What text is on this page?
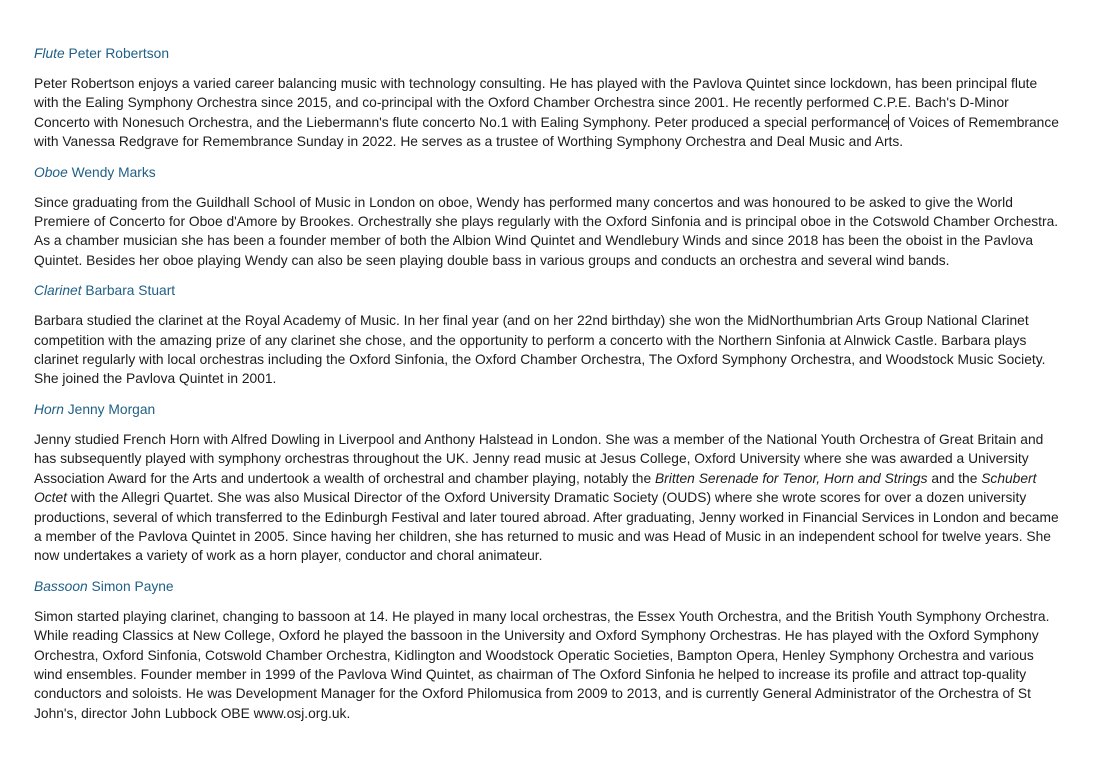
Flute Peter Robertson

Peter Robertson enjoys a varied career balancing music with technology consulting. He has played with the Pavlova Quintet since lockdown, has been principal flute with the Ealing Symphony Orchestra since 2015, and co-principal with the Oxford Chamber Orchestra since 2001. He recently performed C.P.E. Bach's D-Minor Concerto with Nonesuch Orchestra, and the Liebermann's flute concerto No.1 with Ealing Symphony. Peter produced a special performance of Voices of Remembrance with Vanessa Redgrave for Remembrance Sunday in 2022. He serves as a trustee of Worthing Symphony Orchestra and Deal Music and Arts.

Oboe Wendy Marks

Since graduating from the Guildhall School of Music in London on oboe, Wendy has performed many concertos and was honoured to be asked to give the World Premiere of Concerto for Oboe d'Amore by Brookes. Orchestrally she plays regularly with the Oxford Sinfonia and is principal oboe in the Cotswold Chamber Orchestra. As a chamber musician she has been a founder member of both the Albion Wind Quintet and Wendlebury Winds and since 2018 has been the oboist in the Pavlova Quintet. Besides her oboe playing Wendy can also be seen playing double bass in various groups and conducts an orchestra and several wind bands.

Clarinet Barbara Stuart

Barbara studied the clarinet at the Royal Academy of Music. In her final year (and on her 22nd birthday) she won the MidNorthumbrian Arts Group National Clarinet competition with the amazing prize of any clarinet she chose, and the opportunity to perform a concerto with the Northern Sinfonia at Alnwick Castle. Barbara plays clarinet regularly with local orchestras including the Oxford Sinfonia, the Oxford Chamber Orchestra, The Oxford Symphony Orchestra, and Woodstock Music Society. She joined the Pavlova Quintet in 2001.

Horn Jenny Morgan

Jenny studied French Horn with Alfred Dowling in Liverpool and Anthony Halstead in London. She was a member of the National Youth Orchestra of Great Britain and has subsequently played with symphony orchestras throughout the UK. Jenny read music at Jesus College, Oxford University where she was awarded a University Association Award for the Arts and undertook a wealth of orchestral and chamber playing, notably the Britten Serenade for Tenor, Horn and Strings and the Schubert Octet with the Allegri Quartet. She was also Musical Director of the Oxford University Dramatic Society (OUDS) where she wrote scores for over a dozen university productions, several of which transferred to the Edinburgh Festival and later toured abroad. After graduating, Jenny worked in Financial Services in London and became a member of the Pavlova Quintet in 2005. Since having her children, she has returned to music and was Head of Music in an independent school for twelve years. She now undertakes a variety of work as a horn player, conductor and choral animateur.

Bassoon Simon Payne

Simon started playing clarinet, changing to bassoon at 14. He played in many local orchestras, the Essex Youth Orchestra, and the British Youth Symphony Orchestra. While reading Classics at New College, Oxford he played the bassoon in the University and Oxford Symphony Orchestras. He has played with the Oxford Symphony Orchestra, Oxford Sinfonia, Cotswold Chamber Orchestra, Kidlington and Woodstock Operatic Societies, Bampton Opera, Henley Symphony Orchestra and various wind ensembles. Founder member in 1999 of the Pavlova Wind Quintet, as chairman of The Oxford Sinfonia he helped to increase its profile and attract top-quality conductors and soloists. He was Development Manager for the Oxford Philomusica from 2009 to 2013, and is currently General Administrator of the Orchestra of St John's, director John Lubbock OBE www.osj.org.uk.
